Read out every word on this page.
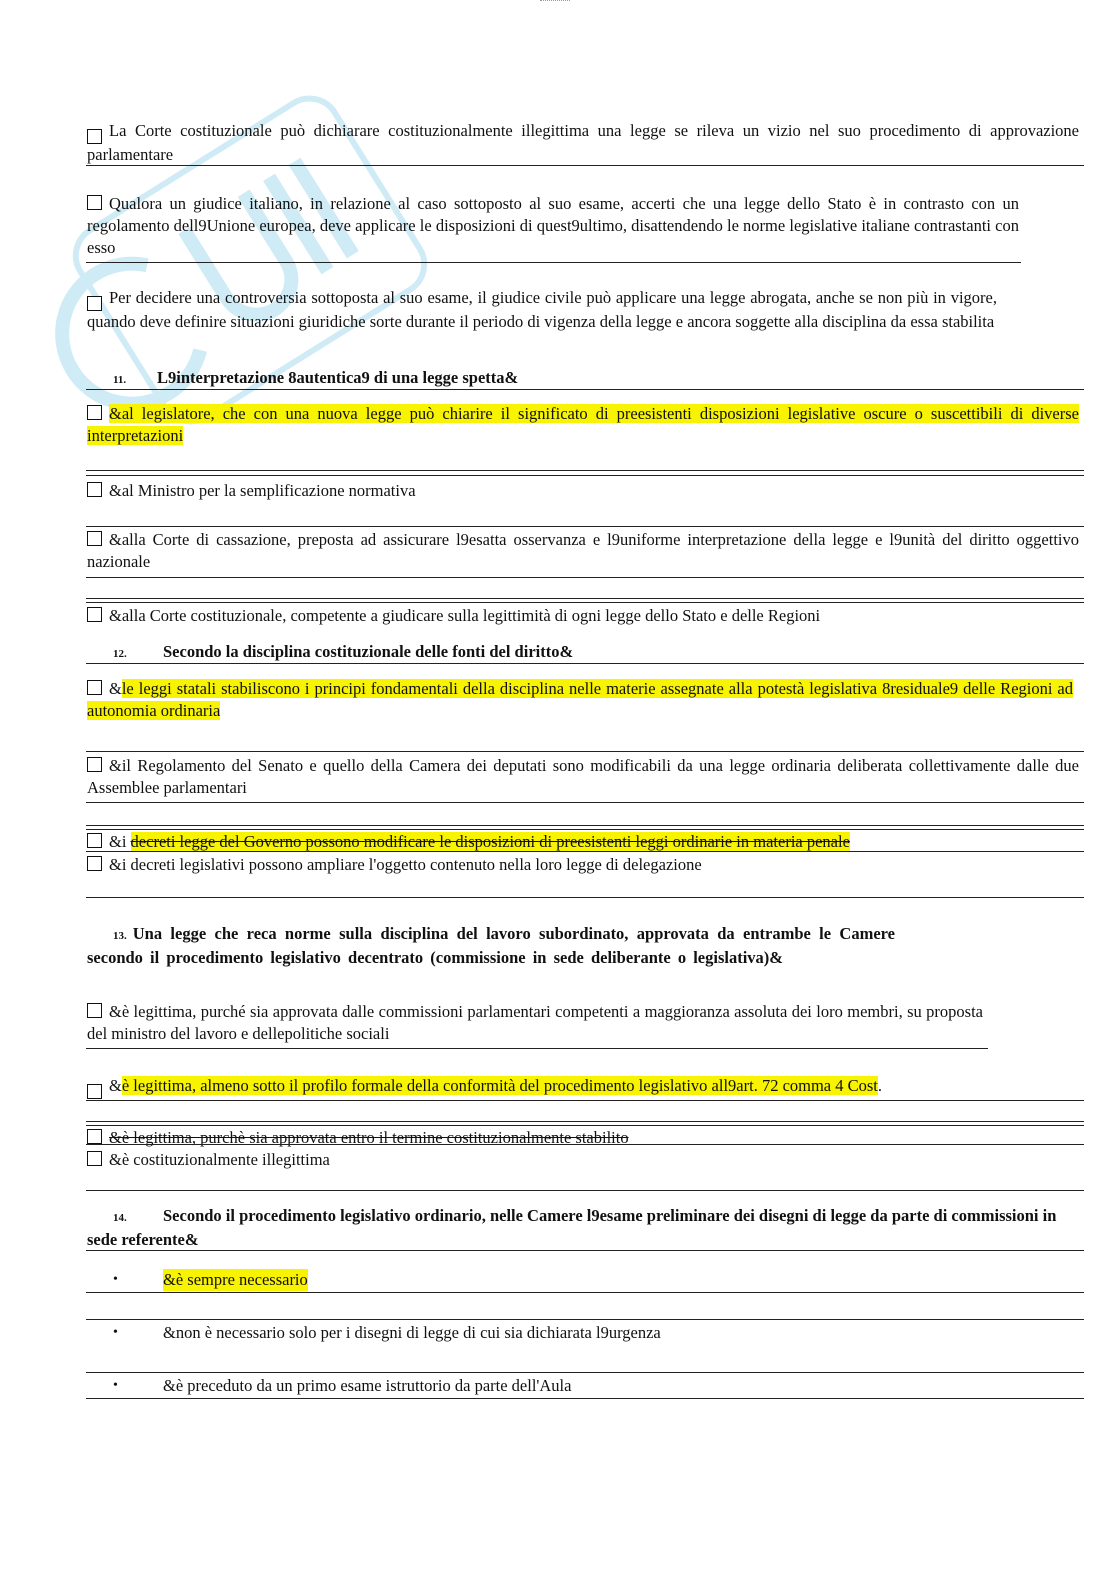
La Corte costituzionale può dichiarare costituzionalmente illegittima una legge se rileva un vizio nel suo procedimento di approvazione parlamentare
Qualora un giudice italiano, in relazione al caso sottoposto al suo esame, accerti che una legge dello Stato è in contrasto con un regolamento dell9Unione europea, deve applicare le disposizioni di quest9ultimo, disattendendo le norme legislative italiane contrastanti con esso
Per decidere una controversia sottoposta al suo esame, il giudice civile può applicare una legge abrogata, anche se non più in vigore, quando deve definire situazioni giuridiche sorte durante il periodo di vigenza della legge e ancora soggette alla disciplina da essa stabilita
11. L9interpretazione 8autentica9 di una legge spetta&
&al legislatore, che con una nuova legge può chiarire il significato di preesistenti disposizioni legislative oscure o suscettibili di diverse interpretazioni
&al Ministro per la semplificazione normativa
&alla Corte di cassazione, preposta ad assicurare l9esatta osservanza e l9uniforme interpretazione della legge e l9unità del diritto oggettivo nazionale
&alla Corte costituzionale, competente a giudicare sulla legittimità di ogni legge dello Stato e delle Regioni
12. Secondo la disciplina costituzionale delle fonti del diritto&
&le leggi statali stabiliscono i principi fondamentali della disciplina nelle materie assegnate alla potestà legislativa 8residuale9 delle Regioni ad autonomia ordinaria
&il Regolamento del Senato e quello della Camera dei deputati sono modificabili da una legge ordinaria deliberata collettivamente dalle due Assemblee parlamentari
&i decreti legge del Governo possono modificare le disposizioni di preesistenti leggi ordinarie in materia penale
&i decreti legislativi possono ampliare l'oggetto contenuto nella loro legge di delegazione
13. Una legge che reca norme sulla disciplina del lavoro subordinato, approvata da entrambe le Camere secondo il procedimento legislativo decentrato (commissione in sede deliberante o legislativa)&
&è legittima, purché sia approvata dalle commissioni parlamentari competenti a maggioranza assoluta dei loro membri, su proposta del ministro del lavoro e dellepolitiche sociali
&è legittima, almeno sotto il profilo formale della conformità del procedimento legislativo all9art. 72 comma 4 Cost.
&è legittima, purchè sia approvata entro il termine costituzionalmente stabilito
&è costituzionalmente illegittima
14. Secondo il procedimento legislativo ordinario, nelle Camere l9esame preliminare dei disegni di legge da parte di commissioni in sede referente&
•	&è sempre necessario
•	&non è necessario solo per i disegni di legge di cui sia dichiarata l9urgenza
•	&è preceduto da un primo esame istruttorio da parte dell'Aula
